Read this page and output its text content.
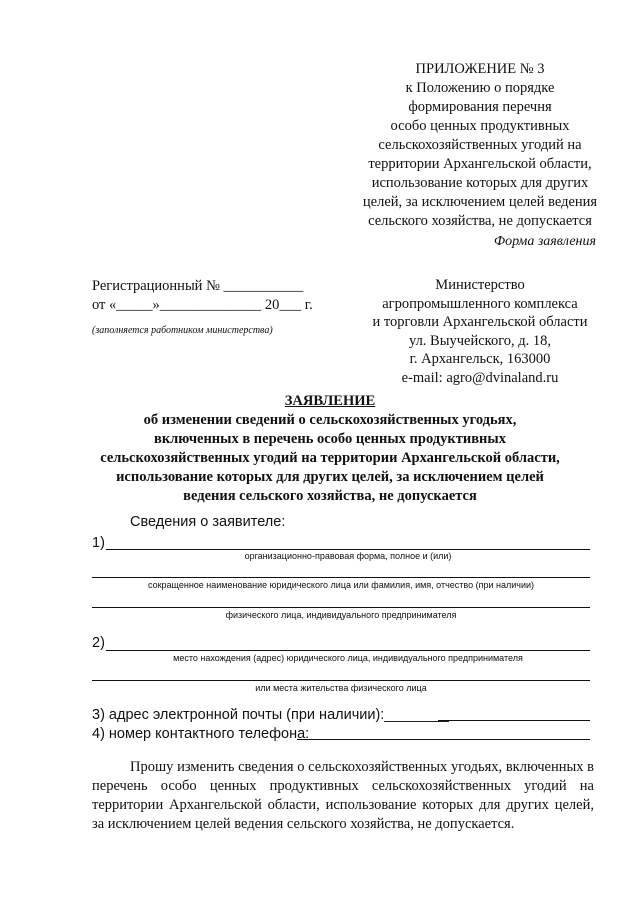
ПРИЛОЖЕНИЕ № 3
к Положению о порядке
формирования перечня
особо ценных продуктивных
сельскохозяйственных угодий на
территории Архангельской области,
использование которых для других
целей, за исключением целей ведения
сельского хозяйства, не допускается
Форма заявления
Регистрационный № ___________
от «_____»______________ 20___ г.
(заполняется работником министерства)
Министерство
агропромышленного комплекса
и торговли Архангельской области
ул. Выучейского, д. 18,
г. Архангельск, 163000
e-mail: agro@dvinaland.ru
ЗАЯВЛЕНИЕ
об изменении сведений о сельскохозяйственных угодьях,
включенных в перечень особо ценных продуктивных
сельскохозяйственных угодий на территории Архангельской области,
использование которых для других целей, за исключением целей
ведения сельского хозяйства, не допускается
Сведения о заявителе:
1)
организационно-правовая форма, полное и (или)
сокращенное наименование юридического лица или фамилия, имя, отчество (при наличии)
физического лица, индивидуального предпринимателя
2)
место нахождения (адрес) юридического лица, индивидуального предпринимателя
или места жительства физического лица
3) адрес электронной почты (при наличии):________
4) номер контактного телефона:

Прошу изменить сведения о сельскохозяйственных угодьях, включенных в перечень особо ценных продуктивных сельскохозяйственных угодий на территории Архангельской области, использование которых для других целей, за исключением целей ведения сельского хозяйства, не допускается.
